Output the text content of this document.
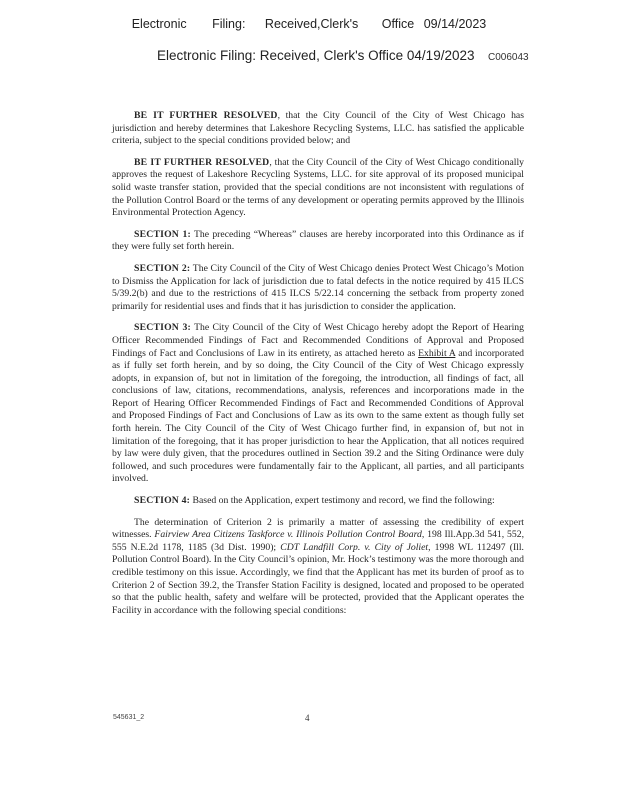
Electronic Filing: Received,Clerk's Office 09/14/2023
Electronic Filing: Received, Clerk's Office 04/19/2023 C006043

BE IT FURTHER RESOLVED, that the City Council of the City of West Chicago has jurisdiction and hereby determines that Lakeshore Recycling Systems, LLC. has satisfied the applicable criteria, subject to the special conditions provided below; and

BE IT FURTHER RESOLVED, that the City Council of the City of West Chicago conditionally approves the request of Lakeshore Recycling Systems, LLC. for site approval of its proposed municipal solid waste transfer station, provided that the special conditions are not inconsistent with regulations of the Pollution Control Board or the terms of any development or operating permits approved by the Illinois Environmental Protection Agency.

SECTION 1: The preceding “Whereas” clauses are hereby incorporated into this Ordinance as if they were fully set forth herein.

SECTION 2: The City Council of the City of West Chicago denies Protect West Chicago’s Motion to Dismiss the Application for lack of jurisdiction due to fatal defects in the notice required by 415 ILCS 5/39.2(b) and due to the restrictions of 415 ILCS 5/22.14 concerning the setback from property zoned primarily for residential uses and finds that it has jurisdiction to consider the application.

SECTION 3: The City Council of the City of West Chicago hereby adopt the Report of Hearing Officer Recommended Findings of Fact and Recommended Conditions of Approval and Proposed Findings of Fact and Conclusions of Law in its entirety, as attached hereto as Exhibit A and incorporated as if fully set forth herein, and by so doing, the City Council of the City of West Chicago expressly adopts, in expansion of, but not in limitation of the foregoing, the introduction, all findings of fact, all conclusions of law, citations, recommendations, analysis, references and incorporations made in the Report of Hearing Officer Recommended Findings of Fact and Recommended Conditions of Approval and Proposed Findings of Fact and Conclusions of Law as its own to the same extent as though fully set forth herein. The City Council of the City of West Chicago further find, in expansion of, but not in limitation of the foregoing, that it has proper jurisdiction to hear the Application, that all notices required by law were duly given, that the procedures outlined in Section 39.2 and the Siting Ordinance were duly followed, and such procedures were fundamentally fair to the Applicant, all parties, and all participants involved.

SECTION 4: Based on the Application, expert testimony and record, we find the following:

The determination of Criterion 2 is primarily a matter of assessing the credibility of expert witnesses. Fairview Area Citizens Taskforce v. Illinois Pollution Control Board, 198 Ill.App.3d 541, 552, 555 N.E.2d 1178, 1185 (3d Dist. 1990); CDT Landfill Corp. v. City of Joliet, 1998 WL 112497 (Ill. Pollution Control Board). In the City Council’s opinion, Mr. Hock’s testimony was the more thorough and credible testimony on this issue. Accordingly, we find that the Applicant has met its burden of proof as to Criterion 2 of Section 39.2, the Transfer Station Facility is designed, located and proposed to be operated so that the public health, safety and welfare will be protected, provided that the Applicant operates the Facility in accordance with the following special conditions:

545631_2	4
